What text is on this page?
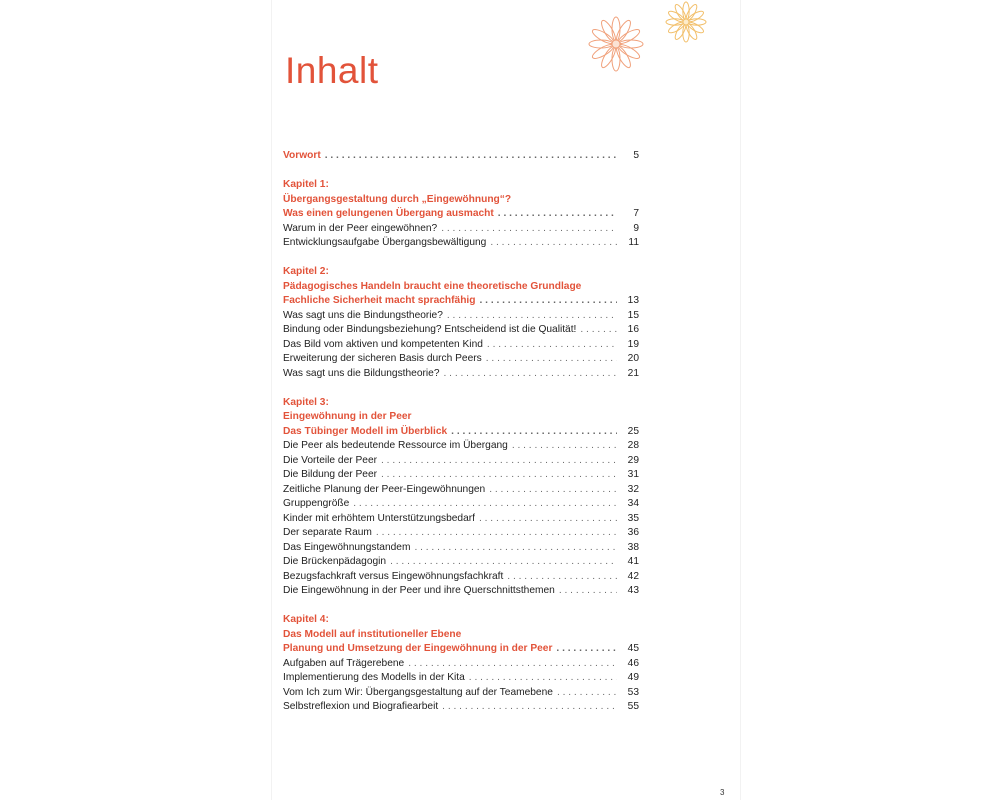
Inhalt
Vorwort . . .	5
Kapitel 1:
Übergangsgestaltung durch „Eingewöhnung“?
Was einen gelungenen Übergang ausmacht . . .	7
Warum in der Peer eingewöhnen? . . .	9
Entwicklungsaufgabe Übergangsbewältigung . . .	11
Kapitel 2:
Pädagogisches Handeln braucht eine theoretische Grundlage
Fachliche Sicherheit macht sprachfähig . . .	13
Was sagt uns die Bindungstheorie? . . .	15
Bindung oder Bindungsbeziehung? Entscheidend ist die Qualität! . . .	16
Das Bild vom aktiven und kompetenten Kind . . .	19
Erweiterung der sicheren Basis durch Peers . . .	20
Was sagt uns die Bildungstheorie? . . .	21
Kapitel 3:
Eingewöhnung in der Peer
Das Tübinger Modell im Überblick . . .	25
Die Peer als bedeutende Ressource im Übergang . . .	28
Die Vorteile der Peer . . .	29
Die Bildung der Peer . . .	31
Zeitliche Planung der Peer-Eingewöhnungen . . .	32
Gruppengröße . . .	34
Kinder mit erhöhtem Unterstützungsbedarf . . .	35
Der separate Raum . . .	36
Das Eingewöhnungstandem . . .	38
Die Brückenpädagogin . . .	41
Bezugsfachkraft versus Eingewöhnungsfachkraft . . .	42
Die Eingewöhnung in der Peer und ihre Querschnittsthemen . . .	43
Kapitel 4:
Das Modell auf institutioneller Ebene
Planung und Umsetzung der Eingewöhnung in der Peer . . .	45
Aufgaben auf Trägerebene . . .	46
Implementierung des Modells in der Kita . . .	49
Vom Ich zum Wir: Übergangsgestaltung auf der Teamebene . . .	53
Selbstreflexion und Biografiearbeit . . .	55
3
